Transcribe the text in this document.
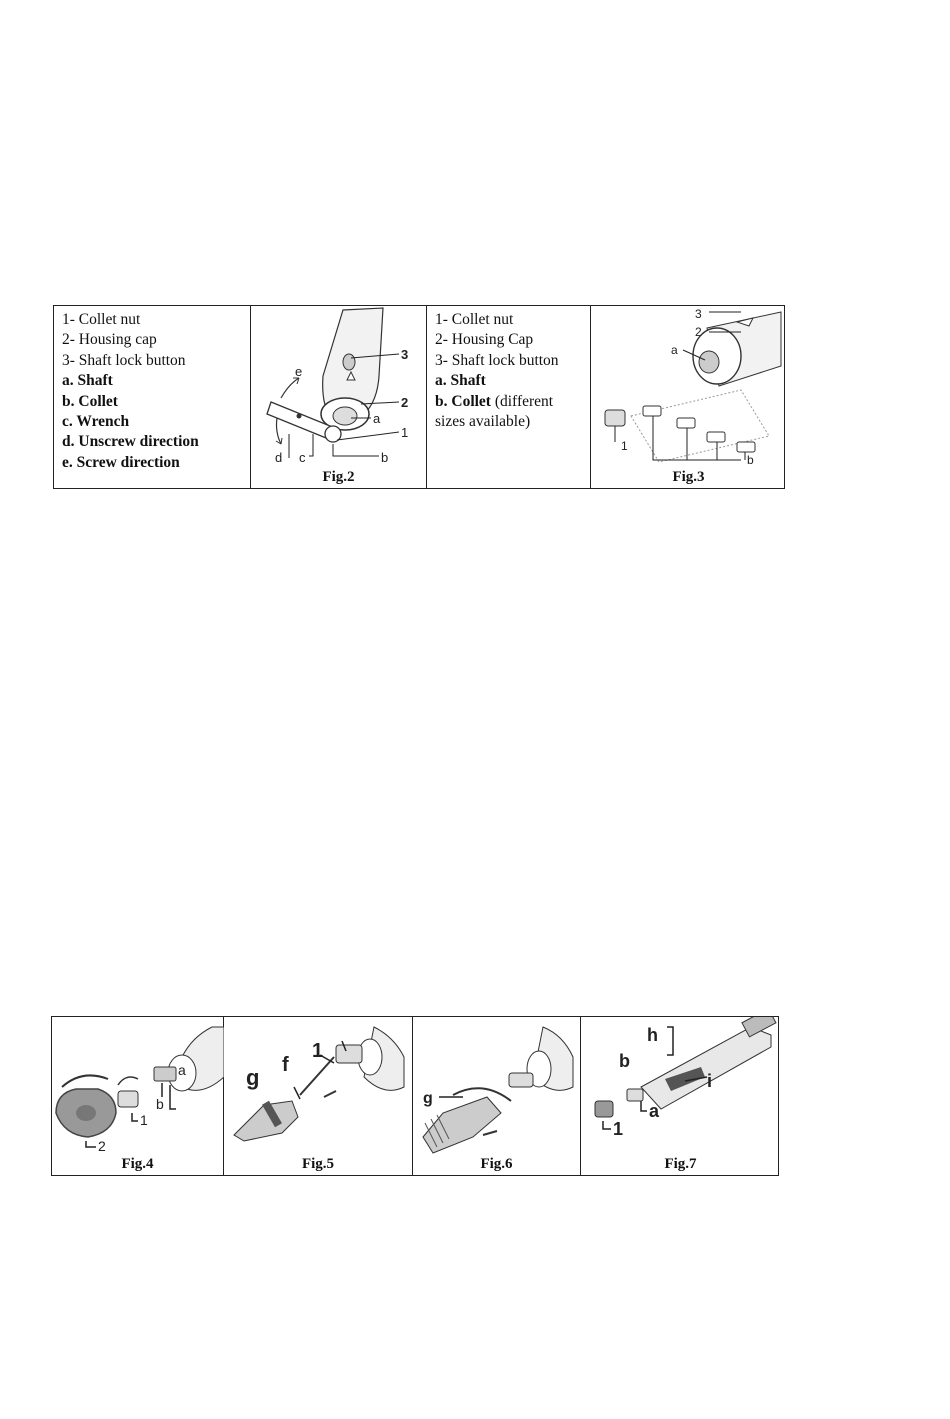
1- Collet nut
2- Housing cap
3- Shaft lock button
a. Shaft
b. Collet
c. Wrench
d. Unscrew direction
e. Screw direction
3
2
a
1
b
c
d
e
Fig.2
1- Collet nut
2- Housing Cap
3- Shaft lock button
a. Shaft
b. Collet (different
sizes available)
3
2
a
1
b
Fig.3
a
b
1
2
Fig.4
g f
1
Fig.5
g
Fig.6
h
b
i
a
1
Fig.7
